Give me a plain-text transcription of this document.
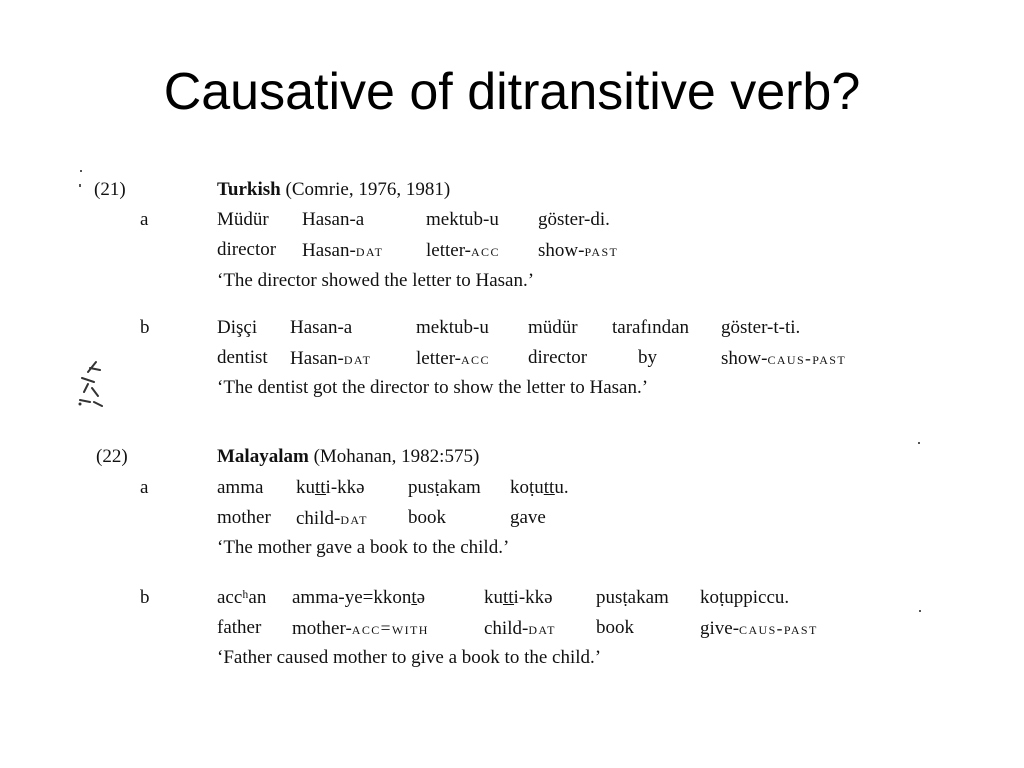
Causative of ditransitive verb?
(21)	Turkish (Comrie, 1976, 1981)
a	Müdür Hasan-a	mektub-u göster-di.
director Hasan-dat letter-acc show-past
‘The director showed the letter to Hasan.’
b	Dişçi Hasan-a	mektub-u müdür tarafından göster-t-ti.
dentist Hasan-dat letter-acc director	by	show-caus-past
‘The dentist got the director to show the letter to Hasan.’
(22)	Malayalam (Mohanan, 1982:575)
a	amma kuṯṯi-kkə pusṭakam koṭuṯṯu.
mother child-dat book	gave
‘The mother gave a book to the child.’
b	accʰan amma-ye=kkonṯə	kuṯṯi-kkə pusṭakam koṭuppiccu.
father mother-acc=with	child-dat book	give-caus-past
‘Father caused mother to give a book to the child.’
